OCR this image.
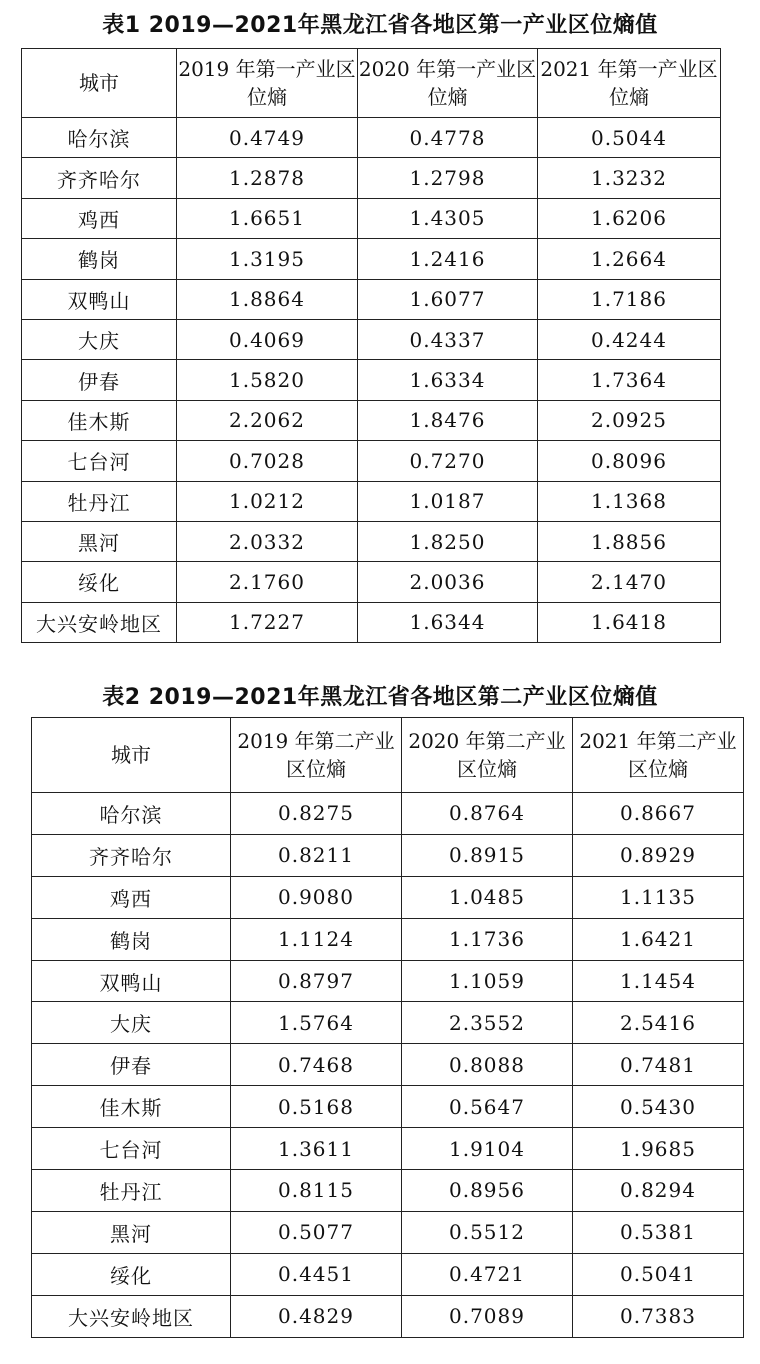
表1 2019—2021年黑龙江省各地区第一产业区位熵值
城市	2019 年第一产业区位熵	2020 年第一产业区位熵	2021 年第一产业区位熵
哈尔滨	0.4749	0.4778	0.5044
齐齐哈尔	1.2878	1.2798	1.3232
鸡西	1.6651	1.4305	1.6206
鹤岗	1.3195	1.2416	1.2664
双鸭山	1.8864	1.6077	1.7186
大庆	0.4069	0.4337	0.4244
伊春	1.5820	1.6334	1.7364
佳木斯	2.2062	1.8476	2.0925
七台河	0.7028	0.7270	0.8096
牡丹江	1.0212	1.0187	1.1368
黑河	2.0332	1.8250	1.8856
绥化	2.1760	2.0036	2.1470
大兴安岭地区	1.7227	1.6344	1.6418
表2 2019—2021年黑龙江省各地区第二产业区位熵值
城市	2019 年第二产业区位熵	2020 年第二产业区位熵	2021 年第二产业区位熵
哈尔滨	0.8275	0.8764	0.8667
齐齐哈尔	0.8211	0.8915	0.8929
鸡西	0.9080	1.0485	1.1135
鹤岗	1.1124	1.1736	1.6421
双鸭山	0.8797	1.1059	1.1454
大庆	1.5764	2.3552	2.5416
伊春	0.7468	0.8088	0.7481
佳木斯	0.5168	0.5647	0.5430
七台河	1.3611	1.9104	1.9685
牡丹江	0.8115	0.8956	0.8294
黑河	0.5077	0.5512	0.5381
绥化	0.4451	0.4721	0.5041
大兴安岭地区	0.4829	0.7089	0.7383
